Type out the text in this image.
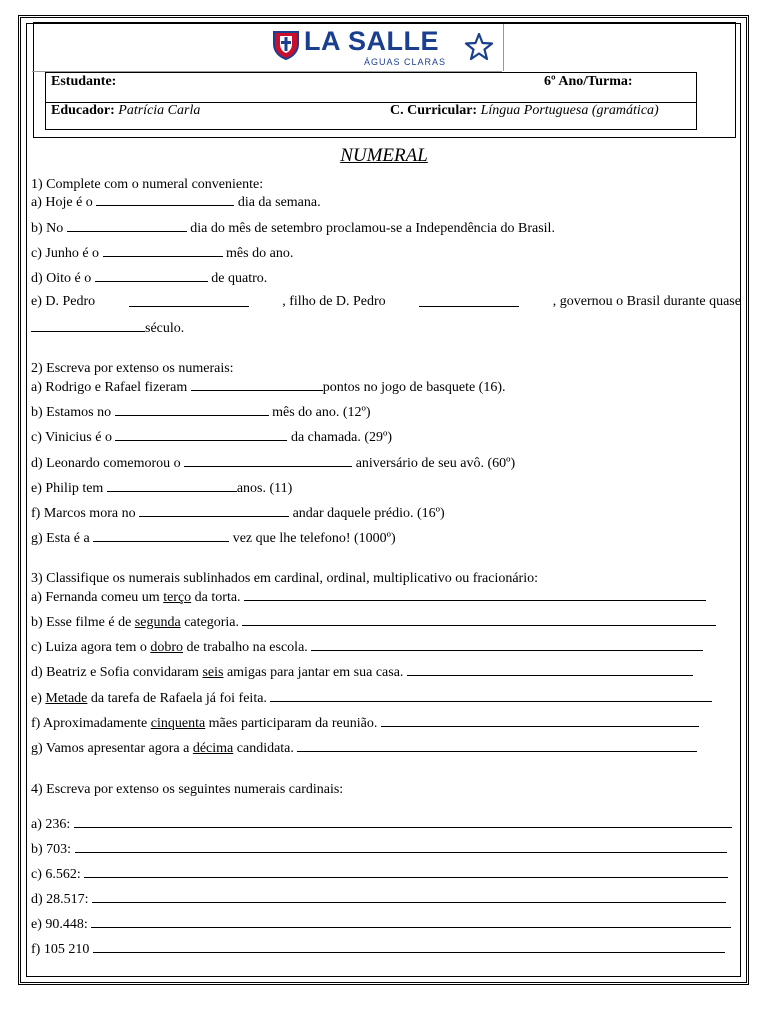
LA SALLE
ÁGUAS CLARAS
Estudante:	6º Ano/Turma:
Educador: Patrícia Carla	C. Curricular: Língua Portuguesa (gramática)
NUMERAL
1) Complete com o numeral conveniente:
a) Hoje é o	dia da semana.
b) No	dia do mês de setembro proclamou-se a Independência do Brasil.
c) Junho é o	mês do ano.
d) Oito é o	de quatro.
e) D. Pedro	, filho de D. Pedro	, governou o Brasil durante quase
século.
2) Escreva por extenso os numerais:
a) Rodrigo e Rafael fizeram	pontos no jogo de basquete (16).
b) Estamos no	mês do ano. (12º)
c) Vinicius é o	da chamada. (29º)
d) Leonardo comemorou o	aniversário de seu avô. (60º)
e) Philip tem	anos. (11)
f) Marcos mora no	andar daquele prédio. (16º)
g) Esta é a	vez que lhe telefono! (1000º)
3) Classifique os numerais sublinhados em cardinal, ordinal, multiplicativo ou fracionário:
a) Fernanda comeu um terço da torta.
b) Esse filme é de segunda categoria.
c) Luiza agora tem o dobro de trabalho na escola.
d) Beatriz e Sofia convidaram seis amigas para jantar em sua casa.
e) Metade da tarefa de Rafaela já foi feita.
f) Aproximadamente cinquenta mães participaram da reunião.
g) Vamos apresentar agora a décima candidata.
4) Escreva por extenso os seguintes numerais cardinais:
a) 236:
b) 703:
c) 6.562:
d) 28.517:
e) 90.448:
f) 105 210
